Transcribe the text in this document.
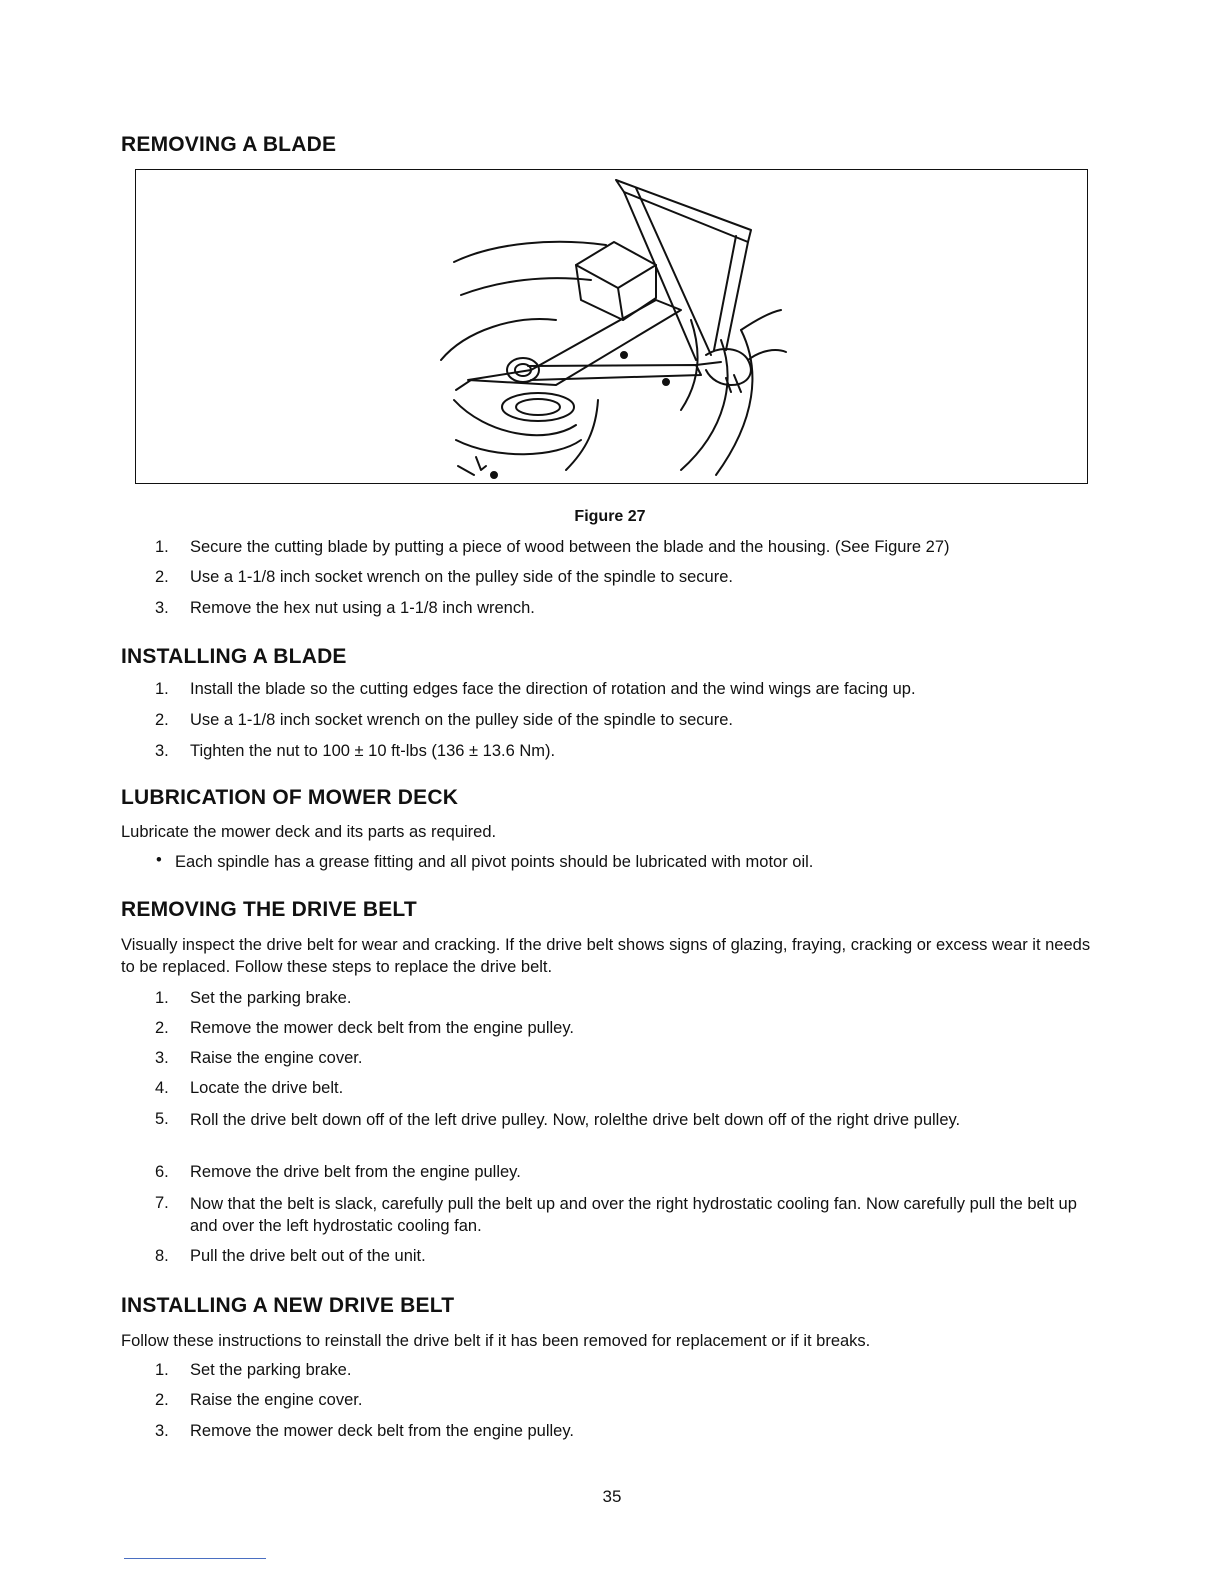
REMOVING A BLADE
Figure 27
1. Secure the cutting blade by putting a piece of wood between the blade and the housing. (See Figure 27)
2. Use a 1-1/8 inch socket wrench on the pulley side of the spindle to secure.
3. Remove the hex nut using a 1-1/8 inch wrench.
INSTALLING A BLADE
1. Install the blade so the cutting edges face the direction of rotation and the wind wings are facing up.
2. Use a 1-1/8 inch socket wrench on the pulley side of the spindle to secure.
3. Tighten the nut to 100 ± 10 ft-lbs (136 ± 13.6 Nm).
LUBRICATION OF MOWER DECK

Lubricate the mower deck and its parts as required.

• Each spindle has a grease fitting and all pivot points should be lubricated with motor oil.

REMOVING THE DRIVE BELT

Visually inspect the drive belt for wear and cracking. If the drive belt shows signs of glazing, fraying, cracking or excess wear it needs to be replaced. Follow these steps to replace the drive belt.

1. Set the parking brake.
2. Remove the mower deck belt from the engine pulley.
3. Raise the engine cover.
4. Locate the drive belt.
5. Roll the drive belt down off of the left drive pulley. Now, rolelthe drive belt down off of the right drive pulley.
6. Remove the drive belt from the engine pulley.
7. Now that the belt is slack, carefully pull the belt up and over the right hydrostatic cooling fan. Now carefully pull the belt up and over the left hydrostatic cooling fan.
8. Pull the drive belt out of the unit.
INSTALLING A NEW DRIVE BELT

Follow these instructions to reinstall the drive belt if it has been removed for replacement or if it breaks.

1. Set the parking brake.
2. Raise the engine cover.
3. Remove the mower deck belt from the engine pulley.
35
